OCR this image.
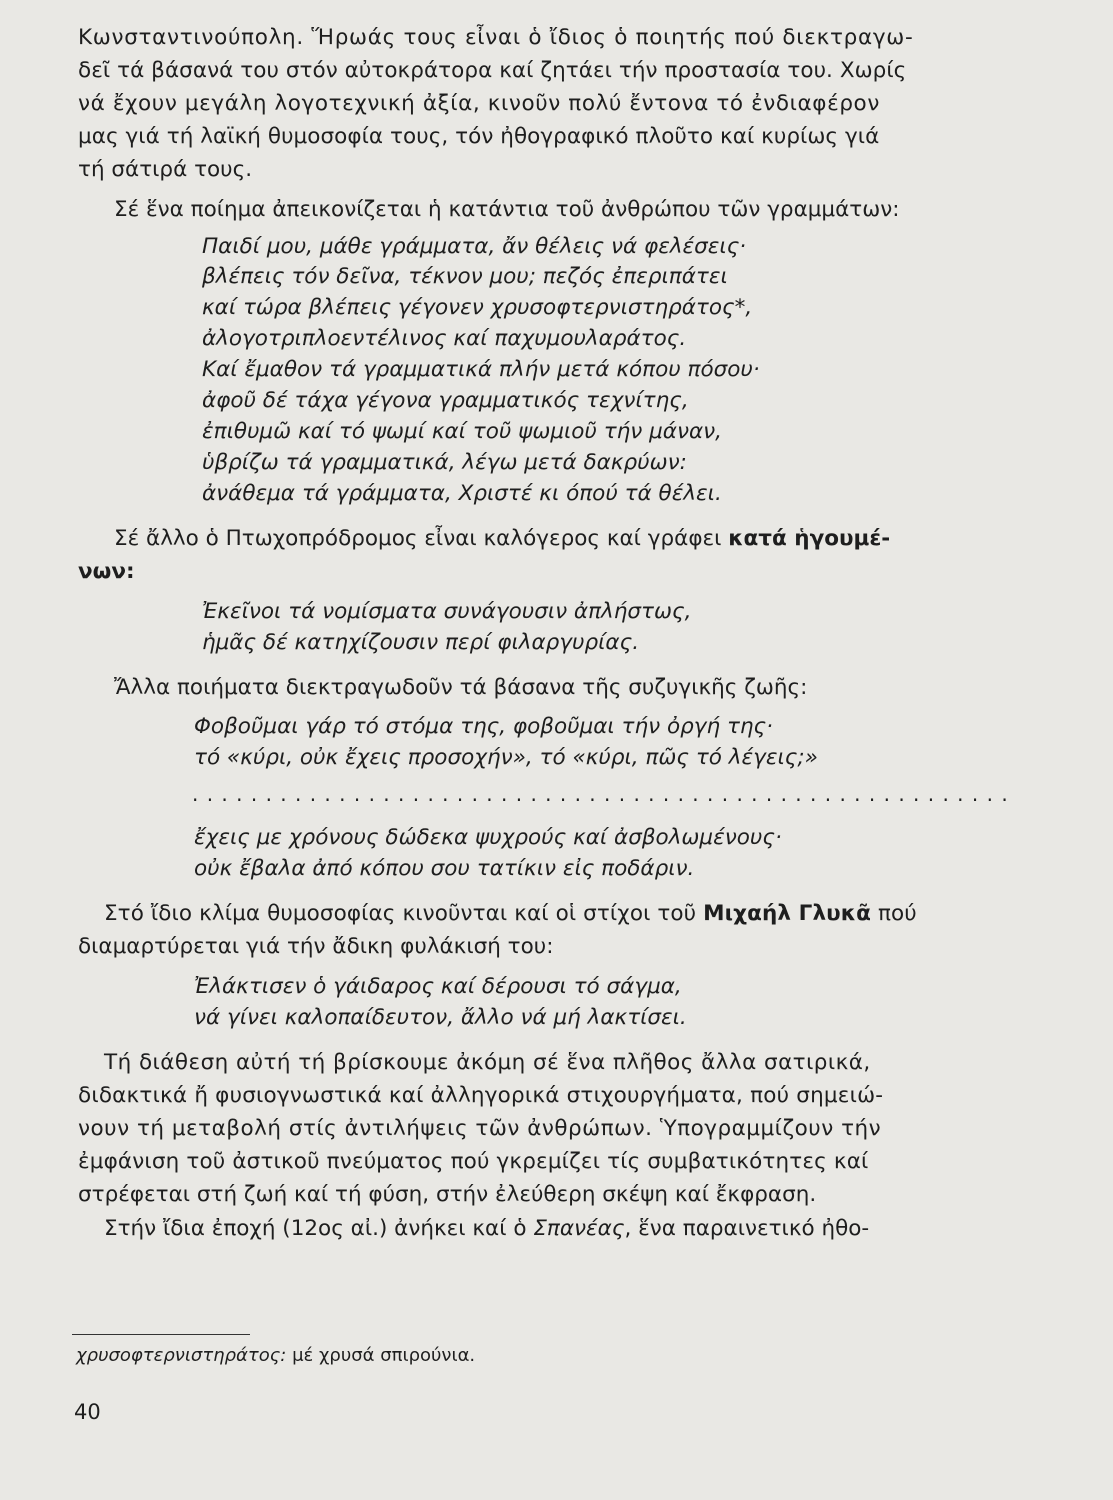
Κωνσταντινούπολη. Ἥρωάς τους εἶναι ὁ ἴδιος ὁ ποιητής πού διεκτραγω-
δεῖ τά βάσανά του στόν αὐτοκράτορα καί ζητάει τήν προστασία του. Χωρίς
νά ἔχουν μεγάλη λογοτεχνική ἀξία, κινοῦν πολύ ἔντονα τό ἐνδιαφέρον
μας γιά τή λαϊκή θυμοσοφία τους, τόν ἠθογραφικό πλοῦτο καί κυρίως γιά
τή σάτιρά τους.
Σέ ἕνα ποίημα ἀπεικονίζεται ἡ κατάντια τοῦ ἀνθρώπου τῶν γραμμάτων:
Παιδί μου, μάθε γράμματα, ἄν θέλεις νά φελέσεις·
βλέπεις τόν δεῖνα, τέκνον μου; πεζός ἐπεριπάτει
καί τώρα βλέπεις γέγονεν χρυσοφτερνιστηράτος*,
ἀλογοτριπλοεντέλινος καί παχυμουλαράτος.
Καί ἔμαθον τά γραμματικά πλήν μετά κόπου πόσου·
ἀφοῦ δέ τάχα γέγονα γραμματικός τεχνίτης,
ἐπιθυμῶ καί τό ψωμί καί τοῦ ψωμιοῦ τήν μάναν,
ὑβρίζω τά γραμματικά, λέγω μετά δακρύων:
ἀνάθεμα τά γράμματα, Χριστέ κι όπού τά θέλει.
Σέ ἄλλο ὁ Πτωχοπρόδρομος εἶναι καλόγερος καί γράφει κατά ἡγουμέ-
νων:
Ἐκεῖνοι τά νομίσματα συνάγουσιν ἀπλήστως,
ἡμᾶς δέ κατηχίζουσιν περί φιλαργυρίας.
Ἄλλα ποιήματα διεκτραγωδοῦν τά βάσανα τῆς συζυγικῆς ζωῆς:
Φοβοῦμαι γάρ τό στόμα της, φοβοῦμαι τήν ὀργή της·
τό «κύρι, οὐκ ἔχεις προσοχήν», τό «κύρι, πῶς τό λέγεις;»
. . . . . . . . . . . . . . . . . . . . . . . . . . . . . . . . . . . . . . . . . . . . . . . . . . . . . . . .
ἔχεις με χρόνους δώδεκα ψυχρούς καί ἀσβολωμένους·
οὐκ ἔβαλα ἀπό κόπου σου τατίκιν εἰς ποδάριν.
Στό ἴδιο κλίμα θυμοσοφίας κινοῦνται καί οἱ στίχοι τοῦ Μιχαήλ Γλυκᾶ πού
διαμαρτύρεται γιά τήν ἄδικη φυλάκισή του:
Ἐλάκτισεν ὁ γάιδαρος καί δέρουσι τό σάγμα,
νά γίνει καλοπαίδευτον, ἄλλο νά μή λακτίσει.
Τή διάθεση αὐτή τή βρίσκουμε ἀκόμη σέ ἕνα πλῆθος ἄλλα σατιρικά,
διδακτικά ἤ φυσιογνωστικά καί ἀλληγορικά στιχουργήματα, πού σημειώ-
νουν τή μεταβολή στίς ἀντιλήψεις τῶν ἀνθρώπων. Ὑπογραμμίζουν τήν
ἐμφάνιση τοῦ ἀστικοῦ πνεύματος πού γκρεμίζει τίς συμβατικότητες καί
στρέφεται στή ζωή καί τή φύση, στήν ἐλεύθερη σκέψη καί ἔκφραση.
Στήν ἴδια ἐποχή (12ος αἰ.) ἀνήκει καί ὁ Σπανέας, ἕνα παραινετικό ἠθο-
χρυσοφτερνιστηράτος: μέ χρυσά σπιρούνια.
40
